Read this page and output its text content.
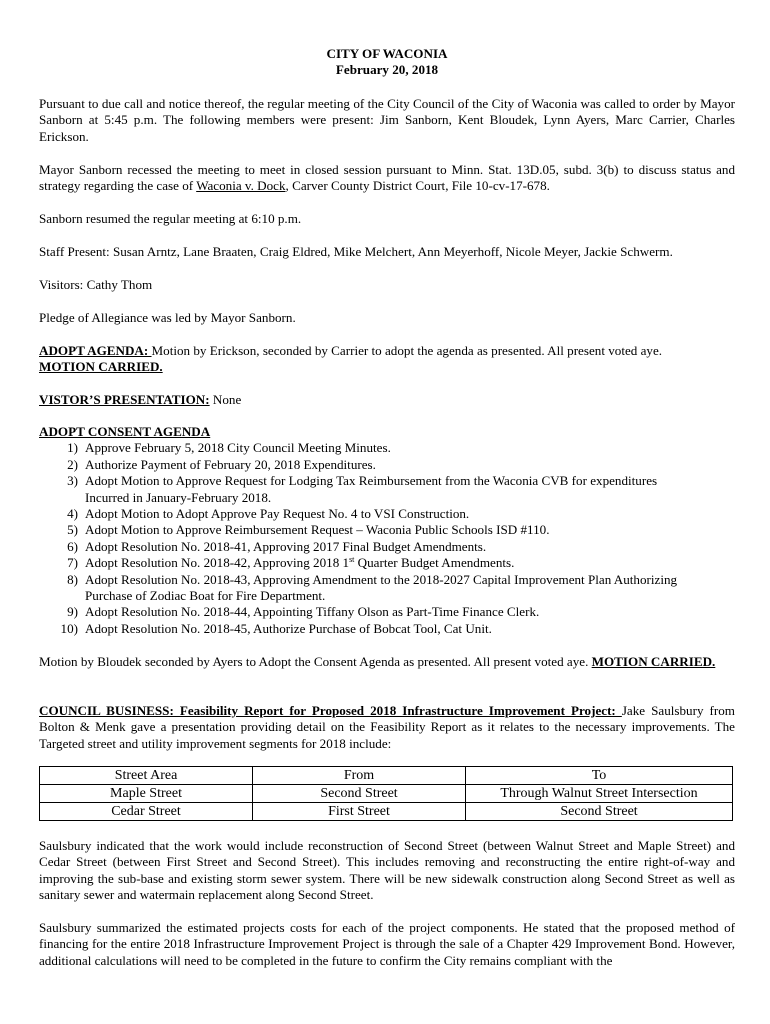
CITY OF WACONIA
February 20, 2018

Pursuant to due call and notice thereof, the regular meeting of the City Council of the City of Waconia was called to order by Mayor Sanborn at 5:45 p.m. The following members were present: Jim Sanborn, Kent Bloudek, Lynn Ayers, Marc Carrier, Charles Erickson.

Mayor Sanborn recessed the meeting to meet in closed session pursuant to Minn. Stat. 13D.05, subd. 3(b) to discuss status and strategy regarding the case of Waconia v. Dock, Carver County District Court, File 10-cv-17-678.

Sanborn resumed the regular meeting at 6:10 p.m.

Staff Present: Susan Arntz, Lane Braaten, Craig Eldred, Mike Melchert, Ann Meyerhoff, Nicole Meyer, Jackie Schwerm.

Visitors: Cathy Thom

Pledge of Allegiance was led by Mayor Sanborn.

ADOPT AGENDA: Motion by Erickson, seconded by Carrier to adopt the agenda as presented. All present voted aye.

MOTION CARRIED.

VISTOR’S PRESENTATION: None

ADOPT CONSENT AGENDA

1) Approve February 5, 2018 City Council Meeting Minutes.
2) Authorize Payment of February 20, 2018 Expenditures.
3) Adopt Motion to Approve Request for Lodging Tax Reimbursement from the Waconia CVB for expenditures Incurred in January-February 2018.
4) Adopt Motion to Adopt Approve Pay Request No. 4 to VSI Construction.
5) Adopt Motion to Approve Reimbursement Request – Waconia Public Schools ISD #110.
6) Adopt Resolution No. 2018-41, Approving 2017 Final Budget Amendments.
7) Adopt Resolution No. 2018-42, Approving 2018 1st Quarter Budget Amendments.
8) Adopt Resolution No. 2018-43, Approving Amendment to the 2018-2027 Capital Improvement Plan Authorizing Purchase of Zodiac Boat for Fire Department.
9) Adopt Resolution No. 2018-44, Appointing Tiffany Olson as Part-Time Finance Clerk.
10) Adopt Resolution No. 2018-45, Authorize Purchase of Bobcat Tool, Cat Unit.

Motion by Bloudek seconded by Ayers to Adopt the Consent Agenda as presented. All present voted aye. MOTION CARRIED.

COUNCIL BUSINESS: Feasibility Report for Proposed 2018 Infrastructure Improvement Project: Jake Saulsbury from Bolton & Menk gave a presentation providing detail on the Feasibility Report as it relates to the necessary improvements. The Targeted street and utility improvement segments for 2018 include:

Street Area	From	To
Maple Street	Second Street	Through Walnut Street Intersection
Cedar Street	First Street	Second Street

Saulsbury indicated that the work would include reconstruction of Second Street (between Walnut Street and Maple Street) and Cedar Street (between First Street and Second Street). This includes removing and reconstructing the entire right-of-way and improving the sub-base and existing storm sewer system. There will be new sidewalk construction along Second Street as well as sanitary sewer and watermain replacement along Second Street.

Saulsbury summarized the estimated projects costs for each of the project components. He stated that the proposed method of financing for the entire 2018 Infrastructure Improvement Project is through the sale of a Chapter 429 Improvement Bond. However, additional calculations will need to be completed in the future to confirm the City remains compliant with the
